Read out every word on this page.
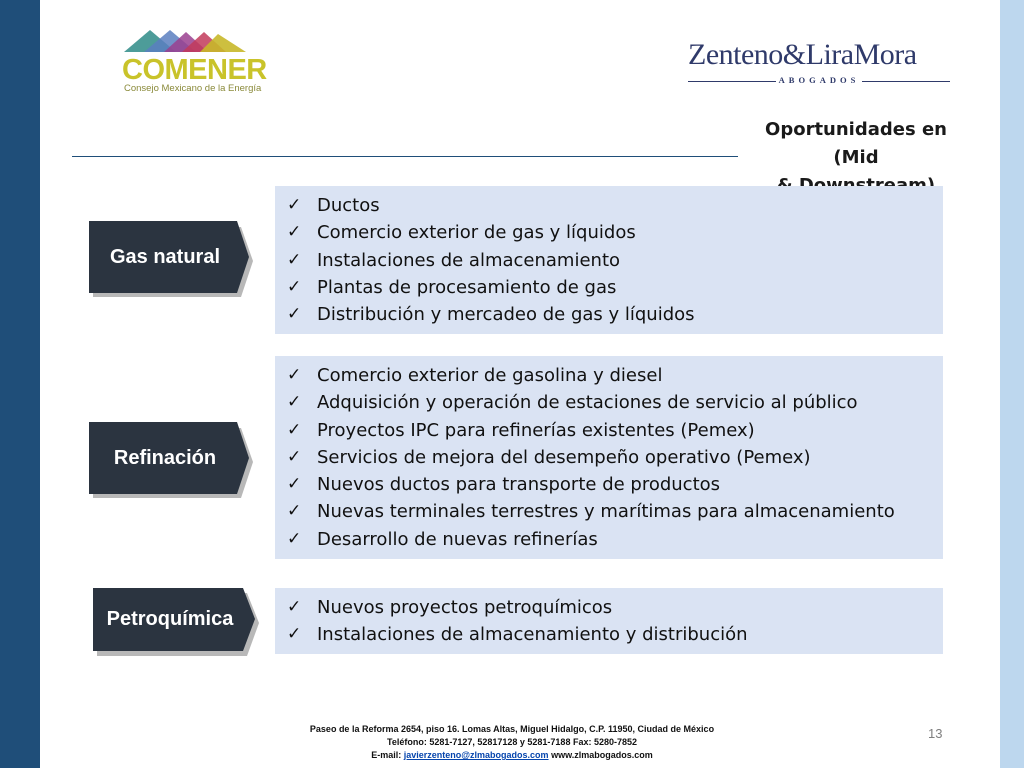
COMENER
Consejo Mexicano de la Energía
Zenteno&LiraMora
ABOGADOS
Oportunidades en (Mid
Gas natural
✓ Ductos
✓ Comercio exterior de gas y líquidos
✓ Instalaciones de almacenamiento
✓ Plantas de procesamiento de gas
✓ Distribución y mercadeo de gas y líquidos
Refinación
✓ Comercio exterior de gasolina y diesel
✓ Adquisición y operación de estaciones de servicio al público
✓ Proyectos IPC para refinerías existentes (Pemex)
✓ Servicios de mejora del desempeño operativo (Pemex)
✓ Nuevos ductos para transporte de productos
✓ Nuevas terminales terrestres y marítimas para almacenamiento
✓ Desarrollo de nuevas refinerías
Petroquímica
✓ Nuevos proyectos petroquímicos
✓ Instalaciones de almacenamiento y distribución
Paseo de la Reforma 2654, piso 16. Lomas Altas, Miguel Hidalgo, C.P. 11950, Ciudad de México
Teléfono: 5281-7127, 52817128 y 5281-7188 Fax: 5280-7852
E-mail: javierzenteno@zlmabogados.com www.zlmabogados.com
13
